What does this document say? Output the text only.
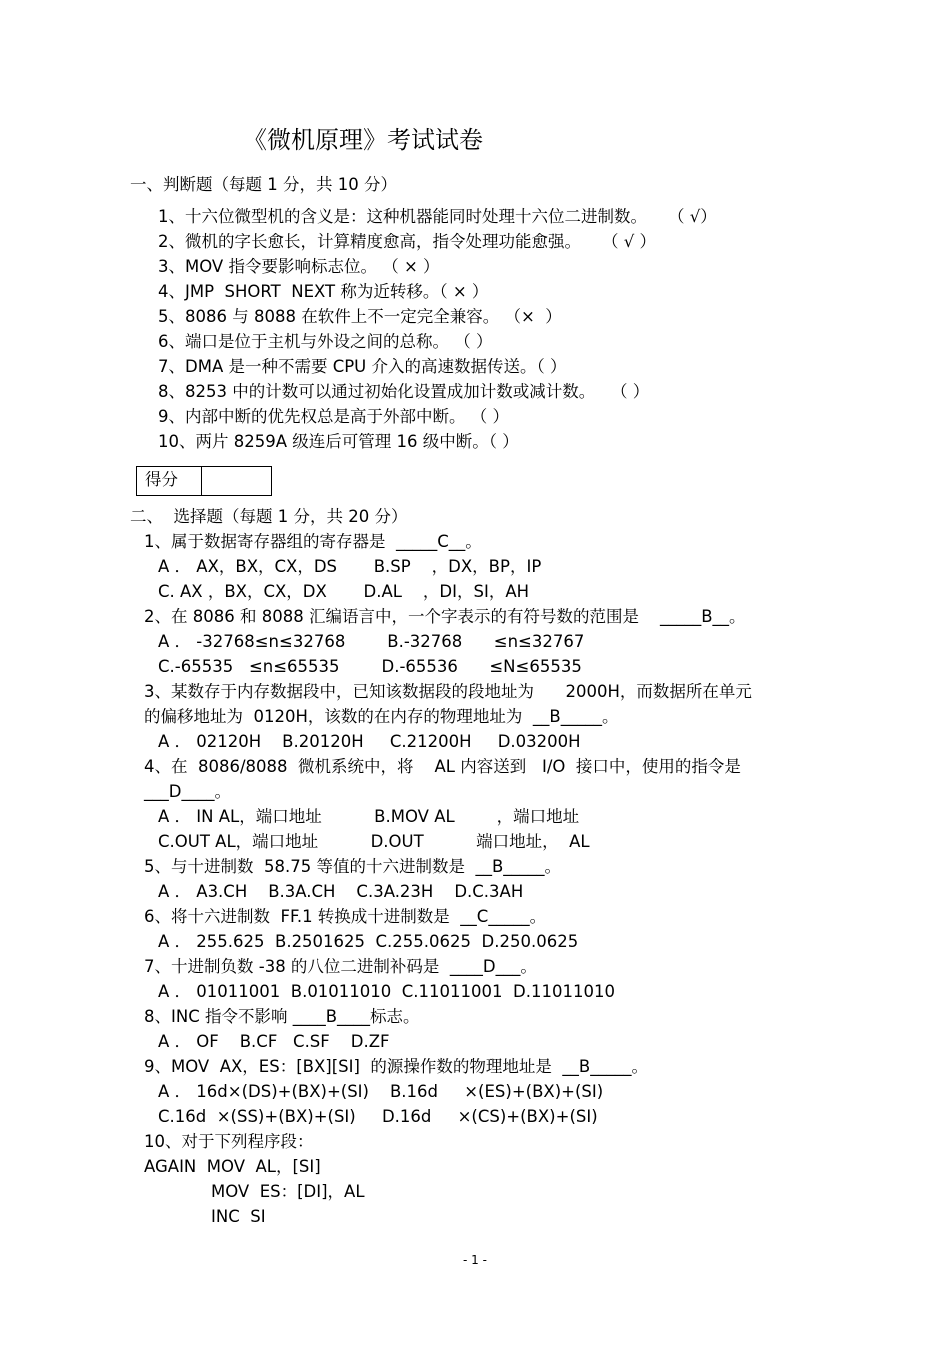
《微机原理》考试试卷
一、判断题（每题 1 分，共 10 分）
1、十六位微型机的含义是：这种机器能同时处理十六位二进制数。    （ √）
2、微机的字长愈长，计算精度愈高，指令处理功能愈强。    （ √ ）
3、MOV 指令要影响标志位。 （ × ）
4、JMP  SHORT  NEXT 称为近转移。（ × ）
5、8086 与 8088 在软件上不一定完全兼容。 （×  ）
6、端口是位于主机与外设之间的总称。 （ ）
7、DMA 是一种不需要 CPU 介入的高速数据传送。（ ）
8、8253 中的计数可以通过初始化设置成加计数或减计数。   （ ）
9、内部中断的优先权总是高于外部中断。 （ ）
10、两片 8259A 级连后可管理 16 级中断。（ ）
得分
二、  选择题（每题 1 分，共 20 分）
1、属于数据寄存器组的寄存器是  _____C__。
A ． AX，BX，CX，DS       B.SP    ，DX，BP，IP
C. AX ，BX，CX，DX       D.AL    ，DI，SI，AH
2、在 8086 和 8088 汇编语言中，一个字表示的有符号数的范围是    _____B__。
A ． -32768≤n≤32768        B.-32768      ≤n≤32767
C.-65535   ≤n≤65535        D.-65536      ≤N≤65535
3、某数存于内存数据段中，已知该数据段的段地址为      2000H，而数据所在单元
的偏移地址为  0120H，该数的在内存的物理地址为  __B_____。
A ． 02120H    B.20120H     C.21200H     D.03200H
4、在  8086/8088  微机系统中，将    AL 内容送到   I/O  接口中，使用的指令是
___D____。
A ． IN AL，端口地址          B.MOV AL        ，端口地址
C.OUT AL，端口地址          D.OUT          端口地址，  AL
5、与十进制数  58.75 等值的十六进制数是  __B_____。
A ． A3.CH    B.3A.CH    C.3A.23H    D.C.3AH
6、将十六进制数  FF.1 转换成十进制数是  __C_____。
A ． 255.625  B.2501625  C.255.0625  D.250.0625
7、十进制负数 -38 的八位二进制补码是  ____D___。
A ． 01011001  B.01011010  C.11011001  D.11011010
8、INC 指令不影响 ____B____标志。
A ． OF    B.CF   C.SF    D.ZF
9、MOV  AX，ES：[BX][SI]  的源操作数的物理地址是  __B_____。
A ． 16d×(DS)+(BX)+(SI)    B.16d     ×(ES)+(BX)+(SI)
C.16d  ×(SS)+(BX)+(SI)     D.16d     ×(CS)+(BX)+(SI)
10、对于下列程序段：
AGAIN  MOV  AL，[SI]
MOV  ES：[DI]，AL
INC  SI
- 1 -
